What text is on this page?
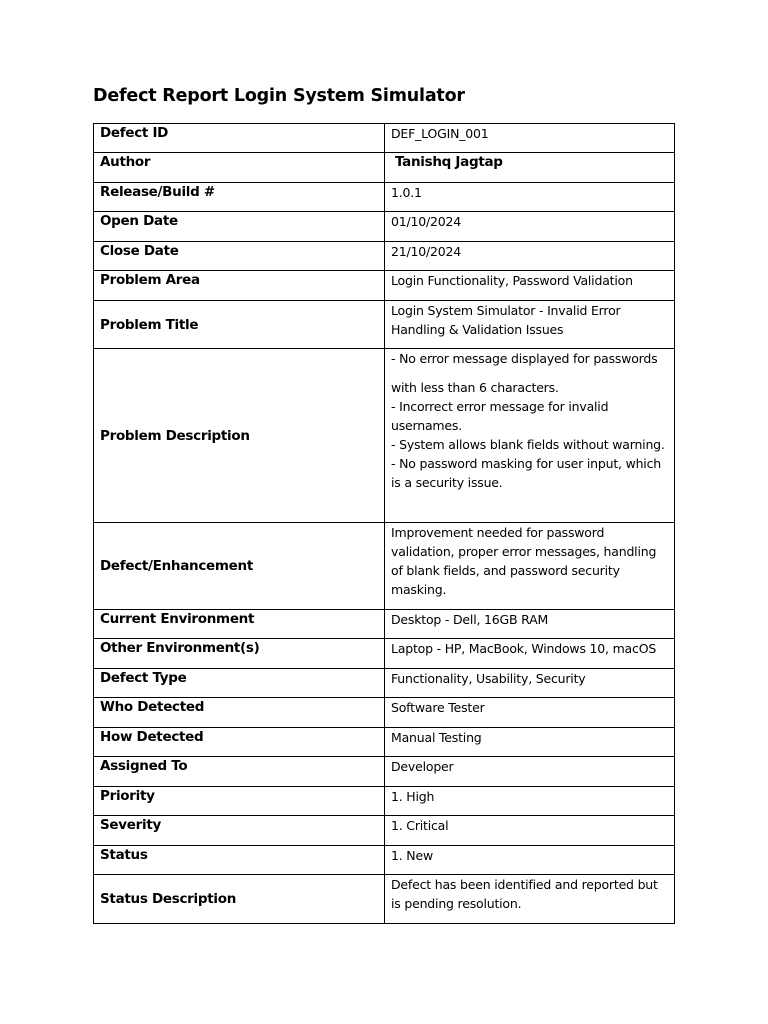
Defect Report Login System Simulator
Defect ID	DEF_LOGIN_001
Author	Tanishq Jagtap
Release/Build #	1.0.1
Open Date	01/10/2024
Close Date	21/10/2024
Problem Area	Login Functionality, Password Validation
Problem Title	Login System Simulator - Invalid Error Handling & Validation Issues
Problem Description	- No error message displayed for passwords
with less than 6 characters.
- Incorrect error message for invalid usernames.
- System allows blank fields without warning.
- No password masking for user input, which is a security issue.

Defect/Enhancement	Improvement needed for password validation, proper error messages, handling of blank fields, and password security masking.
Current Environment	Desktop - Dell, 16GB RAM
Other Environment(s)	Laptop - HP, MacBook, Windows 10, macOS
Defect Type	Functionality, Usability, Security
Who Detected	Software Tester
How Detected	Manual Testing
Assigned To	Developer
Priority	1. High
Severity	1. Critical
Status	1. New
Status Description	Defect has been identified and reported but is pending resolution.
